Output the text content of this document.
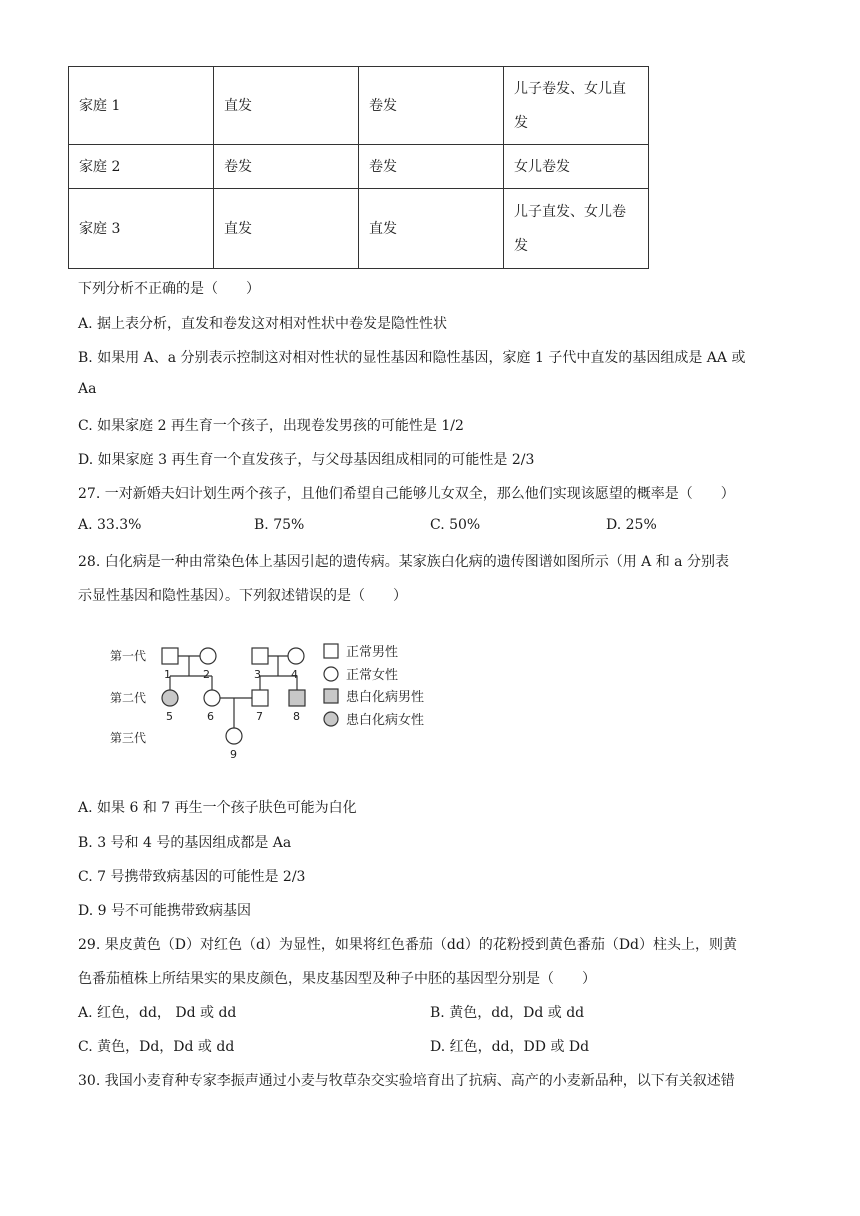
家庭 1	直发	卷发	儿子卷发、女儿直
发

家庭 2	卷发	卷发	女儿卷发
家庭 3	直发	直发	儿子直发、女儿卷
发
下列分析不正确的是（　　）
A. 据上表分析，直发和卷发这对相对性状中卷发是隐性性状
B. 如果用 A、a 分别表示控制这对相对性状的显性基因和隐性基因，家庭 1 子代中直发的基因组成是 AA 或
Aa
C. 如果家庭 2 再生育一个孩子，出现卷发男孩的可能性是 1/2
D. 如果家庭 3 再生育一个直发孩子，与父母基因组成相同的可能性是 2/3
27. 一对新婚夫妇计划生两个孩子，且他们希望自己能够儿女双全，那么他们实现该愿望的概率是（　　）
A. 33.3%	B. 75%	C. 50%	D. 25%
28. 白化病是一种由常染色体上基因引起的遗传病。某家族白化病的遗传图谱如图所示（用 A 和 a 分别表
示显性基因和隐性基因）。下列叙述错误的是（　　）
第一代
第二代
第三代
1	2	3	4
5	6	7	8
9
正常男性
正常女性
患白化病男性
患白化病女性
A. 如果 6 和 7 再生一个孩子肤色可能为白化
B. 3 号和 4 号的基因组成都是 Aa
C. 7 号携带致病基因的可能性是 2/3
D. 9 号不可能携带致病基因
29. 果皮黄色（D）对红色（d）为显性，如果将红色番茄（dd）的花粉授到黄色番茄（Dd）柱头上，则黄
色番茄植株上所结果实的果皮颜色，果皮基因型及种子中胚的基因型分别是（　　）
A. 红色，dd， Dd 或 dd	B. 黄色，dd，Dd 或 dd
C. 黄色，Dd，Dd 或 dd	D. 红色，dd，DD 或 Dd
30. 我国小麦育种专家李振声通过小麦与牧草杂交实验培育出了抗病、高产的小麦新品种，以下有关叙述错
